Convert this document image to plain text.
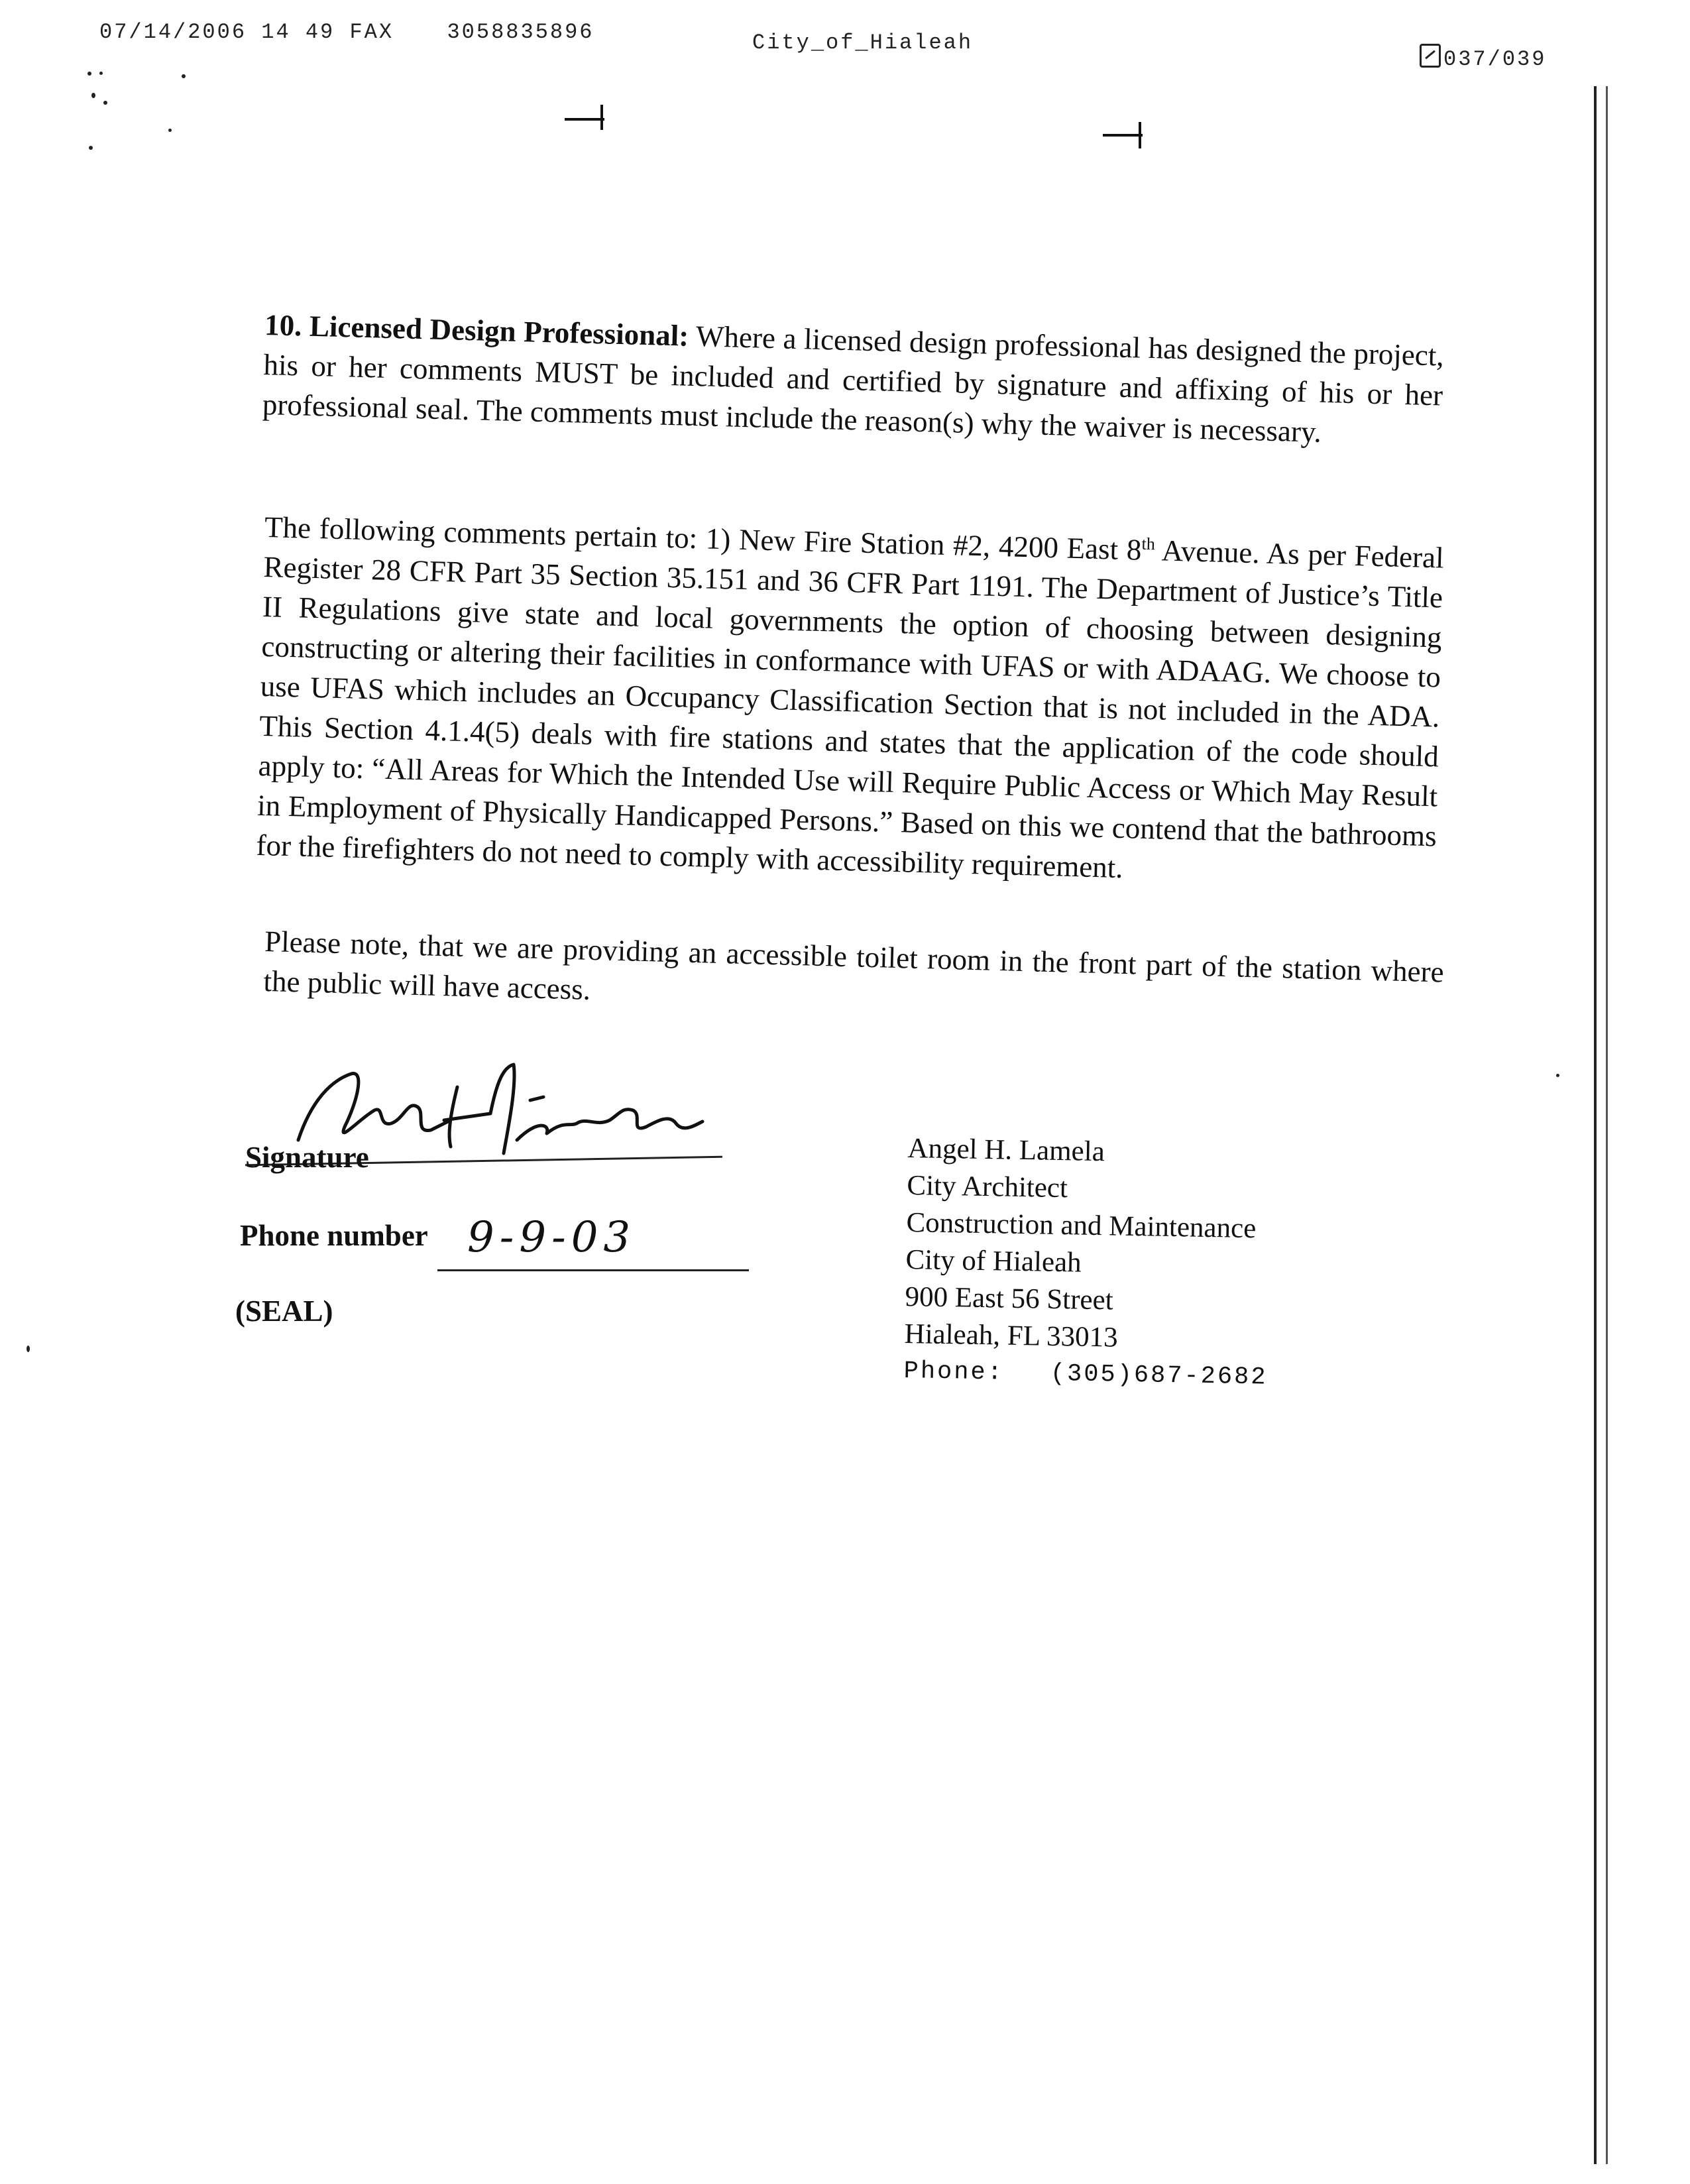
07/14/2006 14 49 FAX	3058835896	City_of_Hialeah
037/039
10. Licensed Design Professional: Where a licensed design professional has designed the project, his or her comments MUST be included and certified by signature and affixing of his or her professional seal. The comments must include the reason(s) why the waiver is necessary.
The following comments pertain to: 1) New Fire Station #2, 4200 East 8th Avenue. As per Federal Register 28 CFR Part 35 Section 35.151 and 36 CFR Part 1191. The Department of Justice’s Title II Regulations give state and local governments the option of choosing between designing constructing or altering their facilities in conformance with UFAS or with ADAAG. We choose to use UFAS which includes an Occupancy Classification Section that is not included in the ADA. This Section 4.1.4(5) deals with fire stations and states that the application of the code should apply to: “All Areas for Which the Intended Use will Require Public Access or Which May Result in Employment of Physically Handicapped Persons.” Based on this we contend that the bathrooms for the firefighters do not need to comply with accessibility requirement.
Please note, that we are providing an accessible toilet room in the front part of the station where the public will have access.
Signature
Phone number 9-9-03
(SEAL)
Angel H. Lamela
City Architect
Construction and Maintenance
City of Hialeah
900 East 56 Street
Hialeah, FL 33013
Phone: (305)687-2682
